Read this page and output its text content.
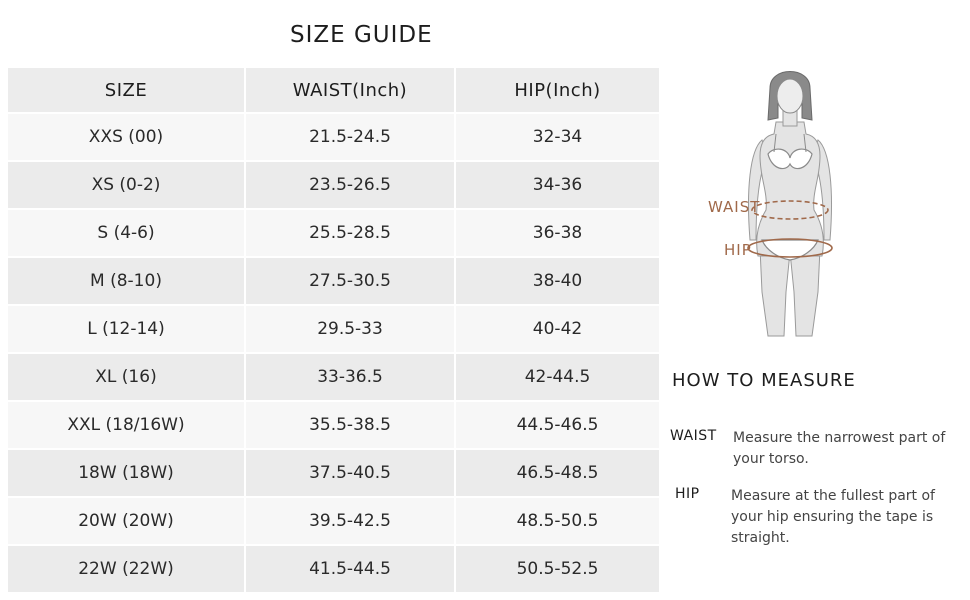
SIZE GUIDE
SIZE	WAIST(Inch)	HIP(Inch)
XXS (00)	21.5-24.5	32-34
XS (0-2)	23.5-26.5	34-36
S (4-6)	25.5-28.5	36-38
M (8-10)	27.5-30.5	38-40
L (12-14)	29.5-33	40-42
XL (16)	33-36.5	42-44.5
XXL (18/16W)	35.5-38.5	44.5-46.5
18W (18W)	37.5-40.5	46.5-48.5
20W (20W)	39.5-42.5	48.5-50.5
22W (22W)	41.5-44.5	50.5-52.5
WAIST
HIP
HOW TO MEASURE
WAIST Measure the narrowest part of your torso.
HIP Measure at the fullest part of your hip ensuring the tape is straight.
